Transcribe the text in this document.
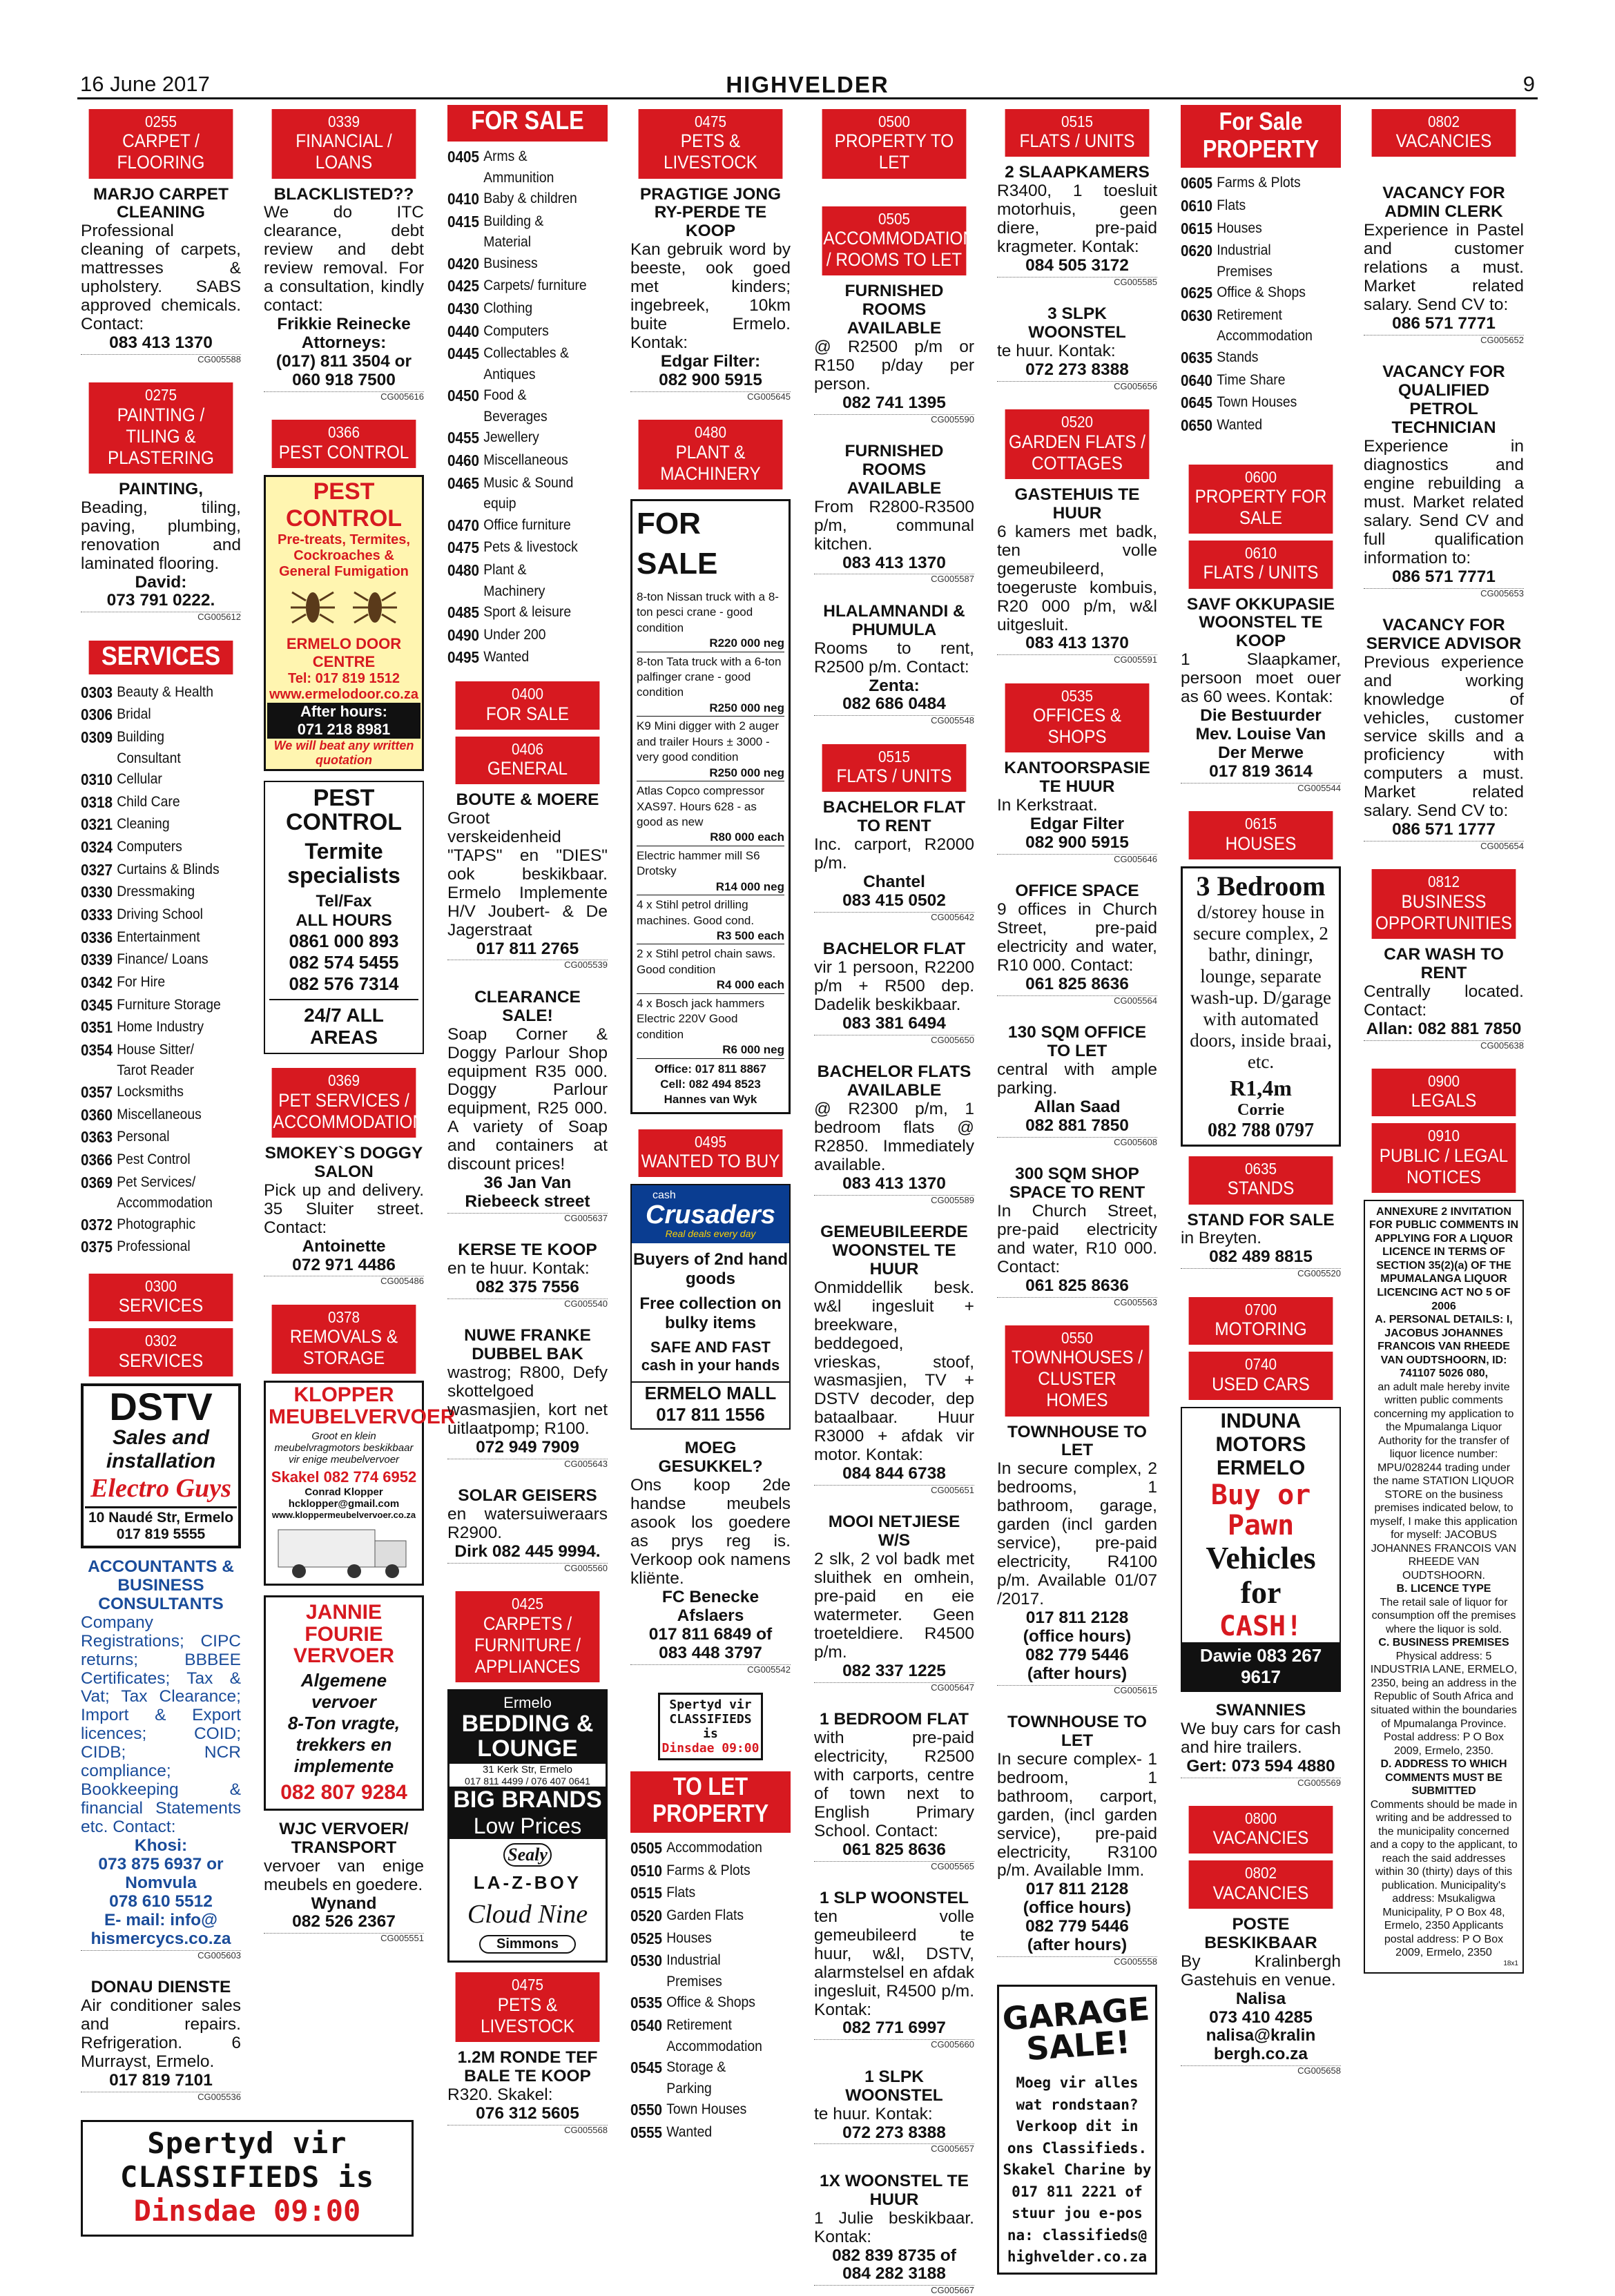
16 June 2017	HIGHVELDER	9
0255
CARPET / FLOORING
MARJO CARPET CLEANING
Professional cleaning of carpets, mattresses & upholstery. SABS approved chemicals. Contact:
083 413 1370
CG005588
0275
PAINTING / TILING & PLASTERING
PAINTING,
Beading, tiling, paving, plumbing, renovation and laminated flooring.
David:
073 791 0222.
CG005612
SERVICES
0303 Beauty & Health
0306 Bridal
0309 Building Consultant
0310 Cellular
0318 Child Care
0321 Cleaning
0324 Computers
0327 Curtains & Blinds
0330 Dressmaking
0333 Driving School
0336 Entertainment
0339 Finance/ Loans
0342 For Hire
0345 Furniture Storage
0351 Home Industry
0354 House Sitter/ Tarot Reader
0357 Locksmiths
0360 Miscellaneous
0363 Personal
0366 Pest Control
0369 Pet Services/ Accommodation
0372 Photographic
0375 Professional
0300
SERVICES
0302
SERVICES
DSTV
Sales and installation
Electro Guys
10 Naudé Str, Ermelo
017 819 5555
ACCOUNTANTS & BUSINESS CONSULTANTS
Company Registrations; CIPC returns; BBBEE Certificates; Tax & Vat; Tax Clearance; Import & Export licences; COID; CIDB; NCR compliance; Bookkeeping & financial Statements etc. Contact:
Khosi:
073 875 6937 or
Nomvula
078 610 5512
E- mail: info@
hismercycs.co.za
CG005603
DONAU DIENSTE
Air conditioner sales and repairs. Refrigeration. 6 Murrayst, Ermelo.
017 819 7101
CG005536
Spertyd vir
CLASSIFIEDS is
Dinsdae 09:00
0339
FINANCIAL / LOANS
BLACKLISTED??
We do ITC clearance, debt review and debt review removal. For a consultation, kindly contact:
Frikkie Reinecke
Attorneys:
(017) 811 3504 or
060 918 7500
CG005616
0366
PEST CONTROL
PEST CONTROL
Pre-treats, Termites, Cockroaches & General Fumigation
ERMELO DOOR CENTRE
Tel: 017 819 1512
www.ermelodoor.co.za
After hours:
071 218 8981
We will beat any written quotation
PEST CONTROL
Termite specialists
Tel/Fax
ALL HOURS
0861 000 893
082 574 5455
082 576 7314
24/7 ALL AREAS
0369
PET SERVICES / ACCOMMODATION
SMOKEY`S DOGGY SALON
Pick up and delivery. 35 Sluiter street. Contact:
Antoinette
072 971 4486
CG005486
0378
REMOVALS & STORAGE
KLOPPER MEUBELVERVOER
Groot en klein meubelvragmotors beskikbaar vir enige meubelvervoer
Skakel 082 774 6952
Conrad Klopper
hcklopper@gmail.com
www.kloppermeubelvervoer.co.za
JANNIE FOURIE VERVOER
Algemene vervoer
8-Ton vragte, trekkers en implemente
082 807 9284
WJC VERVOER/ TRANSPORT
vervoer van enige meubels en goedere.
Wynand
082 526 2367
CG005551
FOR SALE
0405 Arms & Ammunition
0410 Baby & children
0415 Building & Material
0420 Business
0425 Carpets/ furniture
0430 Clothing
0440 Computers
0445 Collectables & Antiques
0450 Food & Beverages
0455 Jewellery
0460 Miscellaneous
0465 Music & Sound equip
0470 Office furniture
0475 Pets & livestock
0480 Plant & Machinery
0485 Sport & leisure
0490 Under 200
0495 Wanted
0400
FOR SALE
0406
GENERAL
BOUTE & MOERE
Groot verskeidenheid "TAPS" en "DIES" ook beskikbaar. Ermelo Implemente H/V Joubert- & De Jagerstraat
017 811 2765
CG005539
CLEARANCE SALE!
Soap Corner & Doggy Parlour Shop equipment R35 000. Doggy Parlour equipment, R25 000. A variety of Soap and containers at discount prices!
36 Jan Van
Riebeeck street
CG005637
KERSE TE KOOP
en te huur. Kontak:
082 375 7556
CG005540
NUWE FRANKE DUBBEL BAK
wastrog; R800, Defy skottelgoed wasmasjien, kort net uitlaatpomp; R100.
072 949 7909
CG005643
SOLAR GEISERS
en watersuiweraars R2900.
Dirk 082 445 9994.
CG005560
0425
CARPETS / FURNITURE / APPLIANCES
Ermelo
BEDDING & LOUNGE
31 Kerk Str, Ermelo
017 811 4499 / 076 407 0641
BIG BRANDS
Low Prices
Sealy
LA-Z-BOY
Cloud Nine
Simmons
0475
PETS & LIVESTOCK
1.2M RONDE TEF BALE TE KOOP
R320. Skakel:
076 312 5605
CG005568
0475
PETS & LIVESTOCK
PRAGTIGE JONG RY-PERDE TE KOOP
Kan gebruik word by beeste, ook goed met kinders; ingebreek, 10km buite Ermelo. Kontak:
Edgar Filter:
082 900 5915
CG005645
0480
PLANT & MACHINERY
FOR SALE
8-ton Nissan truck with a 8-ton pesci crane - good condition
R220 000 neg
8-ton Tata truck with a 6-ton palfinger crane - good condition
R250 000 neg
K9 Mini digger with 2 auger and trailer Hours ± 3000 - very good condition
R250 000 neg
Atlas Copco compressor XAS97. Hours 628 - as good as new
R80 000 each
Electric hammer mill S6 Drotsky
R14 000 neg
4 x Stihl petrol drilling machines. Good cond.
R3 500 each
2 x Stihl petrol chain saws. Good condition
R4 000 each
4 x Bosch jack hammers Electric 220V Good condition
R6 000 neg
Office: 017 811 8867
Cell: 082 494 8523
Hannes van Wyk
0495
WANTED TO BUY
cash
Crusaders
Real deals every day
Buyers of 2nd hand goods
Free collection on bulky items
SAFE AND FAST cash in your hands
ERMELO MALL
017 811 1556
MOEG GESUKKEL?
Ons koop 2de handse meubels asook los goedere as prys reg is. Verkoop ook namens kliënte.
FC Benecke
Afslaers
017 811 6849 of
083 448 3797
CG005542
Spertyd vir
CLASSIFIEDS is
Dinsdae 09:00
TO LET PROPERTY
0505 Accommodation
0510 Farms & Plots
0515 Flats
0520 Garden Flats
0525 Houses
0530 Industrial Premises
0535 Office & Shops
0540 Retirement Accommodation
0545 Storage & Parking
0550 Town Houses
0555 Wanted
0500
PROPERTY TO LET
0505
ACCOMMODATION / ROOMS TO LET
FURNISHED ROOMS AVAILABLE
@ R2500 p/m or R150 p/day per person.
082 741 1395
CG005590
FURNISHED ROOMS AVAILABLE
From R2800-R3500 p/m, communal kitchen.
083 413 1370
CG005587
HLALAMNANDI & PHUMULA
Rooms to rent, R2500 p/m. Contact:
Zenta:
082 686 0484
CG005548
0515
FLATS / UNITS
BACHELOR FLAT TO RENT
Inc. carport, R2000 p/m.
Chantel
083 415 0502
CG005642
BACHELOR FLAT
vir 1 persoon, R2200 p/m + R500 dep. Dadelik beskikbaar.
083 381 6494
CG005650
BACHELOR FLATS AVAILABLE
@ R2300 p/m, 1 bedroom flats @ R2850. Immediately available.
083 413 1370
CG005589
GEMEUBILEERDE WOONSTEL TE HUUR
Onmiddellik besk. w&l ingesluit + breekware, beddegoed, vrieskas, stoof, wasmasjien, TV + DSTV decoder, dep bataalbaar. Huur R3000 + afdak vir motor. Kontak:
084 844 6738
CG005651
MOOI NETJIESE W/S
2 slk, 2 vol badk met sluithek en omhein, pre-paid en eie watermeter. Geen troeteldiere. R4500 p/m.
082 337 1225
CG005647
1 BEDROOM FLAT
with pre-paid electricity, R2500 with carports, centre of town next to English Primary School. Contact:
061 825 8636
CG005565
1 SLP WOONSTEL
ten volle gemeubileerd te huur, w&l, DSTV, alarmstelsel en afdak ingesluit, R4500 p/m. Kontak:
082 771 6997
CG005660
1 SLPK WOONSTEL
te huur. Kontak:
072 273 8388
CG005657
1X WOONSTEL TE HUUR
1 Julie beskikbaar. Kontak:
082 839 8735 of
084 282 3188
CG005667
0515
FLATS / UNITS
2 SLAAPKAMERS
R3400, 1 toesluit motorhuis, geen diere, pre-paid kragmeter. Kontak:
084 505 3172
CG005585
3 SLPK WOONSTEL
te huur. Kontak:
072 273 8388
CG005656
0520
GARDEN FLATS / COTTAGES
GASTEHUIS TE HUUR
6 kamers met badk, ten volle gemeubileerd, toegeruste kombuis, R20 000 p/m, w&l uitgesluit.
083 413 1370
CG005591
0535
OFFICES & SHOPS
KANTOORSPASIE TE HUUR
In Kerkstraat.
Edgar Filter
082 900 5915
CG005646
OFFICE SPACE
9 offices in Church Street, pre-paid electricity and water, R10 000. Contact:
061 825 8636
CG005564
130 SQM OFFICE TO LET
central with ample parking.
Allan Saad
082 881 7850
CG005608
300 SQM SHOP SPACE TO RENT
In Church Street, pre-paid electricity and water, R10 000. Contact:
061 825 8636
CG005563
0550
TOWNHOUSES / CLUSTER HOMES
TOWNHOUSE TO LET
In secure complex, 2 bedrooms, 1 bathroom, garage, garden (incl garden service), pre-paid electricity, R4100 p/m. Available 01/07 /2017.
017 811 2128
(office hours)
082 779 5446
(after hours)
CG005615
TOWNHOUSE TO LET
In secure complex- 1 bedroom, 1 bathroom, carport, garden, (incl garden service), pre-paid electricity, R3100 p/m. Available Imm.
017 811 2128
(office hours)
082 779 5446
(after hours)
CG005558
GARAGE SALE!
Moeg vir alles wat rondstaan? Verkoop dit in ons Classifieds. Skakel Charine by 017 811 2221 of stuur jou e-pos na: classifieds@ highvelder.co.za
For Sale PROPERTY
0605 Farms & Plots
0610 Flats
0615 Houses
0620 Industrial Premises
0625 Office & Shops
0630 Retirement Accommodation
0635 Stands
0640 Time Share
0645 Town Houses
0650 Wanted
0600
PROPERTY FOR SALE
0610
FLATS / UNITS
SAVF OKKUPASIE WOONSTEL TE KOOP
1 Slaapkamer, persoon moet ouer as 60 wees. Kontak:
Die Bestuurder
Mev. Louise Van
Der Merwe
017 819 3614
CG005544
0615
HOUSES
3 Bedroom
d/storey house in secure complex, 2 bathr, diningr, lounge, separate wash-up. D/garage with automated doors, inside braai, etc.
R1,4m
Corrie
082 788 0797
0635
STANDS
STAND FOR SALE
in Breyten.
082 489 8815
CG005520
0700
MOTORING
0740
USED CARS
INDUNA MOTORS
ERMELO
Buy or Pawn
Vehicles for
CASH!
Dawie 083 267 9617
SWANNIES
We buy cars for cash and hire trailers.
Gert: 073 594 4880
CG005569
0800
VACANCIES
0802
VACANCIES
POSTE BESKIKBAAR
By Kralinbergh Gastehuis en venue.
Nalisa
073 410 4285
nalisa@kralin
bergh.co.za
CG005658
0802
VACANCIES
VACANCY FOR ADMIN CLERK
Experience in Pastel and customer relations a must. Market related salary. Send CV to:
086 571 7771
CG005652
VACANCY FOR QUALIFIED PETROL TECHNICIAN
Experience in diagnostics and engine rebuilding a must. Market related salary. Send CV and full qualification information to:
086 571 7771
CG005653
VACANCY FOR SERVICE ADVISOR
Previous experience and working knowledge of vehicles, customer service skills and a proficiency with computers a must. Market related salary. Send CV to:
086 571 1777
CG005654
0812
BUSINESS OPPORTUNITIES
CAR WASH TO RENT
Centrally located. Contact:
Allan: 082 881 7850
CG005638
0900
LEGALS
0910
PUBLIC / LEGAL NOTICES
ANNEXURE 2 INVITATION FOR PUBLIC COMMENTS IN APPLYING FOR A LIQUOR LICENCE IN TERMS OF SECTION 35(2)(a) OF THE MPUMALANGA LIQUOR LICENCING ACT NO 5 OF 2006
A. PERSONAL DETAILS: I, JACOBUS JOHANNES FRANCOIS VAN RHEEDE VAN OUDTSHOORN, ID: 741107 5026 080,
an adult male hereby invite written public comments concerning my application to the Mpumalanga Liquor Authority for the transfer of liquor licence number: MPU/028244 trading under the name STATION LIQUOR STORE on the business premises indicated below, to myself, I make this application for myself: JACOBUS JOHANNES FRANCOIS VAN RHEEDE VAN OUDTSHOORN.
B. LICENCE TYPE
The retail sale of liquor for consumption off the premises where the liquor is sold.
C. BUSINESS PREMISES
Physical address: 5 INDUSTRIA LANE, ERMELO, 2350, being an address in the Republic of South Africa and situated within the boundaries of Mpumalanga Province. Postal address: P O Box 2009, Ermelo, 2350.
D. ADDRESS TO WHICH COMMENTS MUST BE SUBMITTED
Comments should be made in writing and be addressed to the municipality concerned and a copy to the applicant, to reach the said addresses within 30 (thirty) days of this publication. Municipality's address: Msukaligwa Municipality, P O Box 48, Ermelo, 2350 Applicants postal address: P O Box 2009, Ermelo, 2350
18x1
